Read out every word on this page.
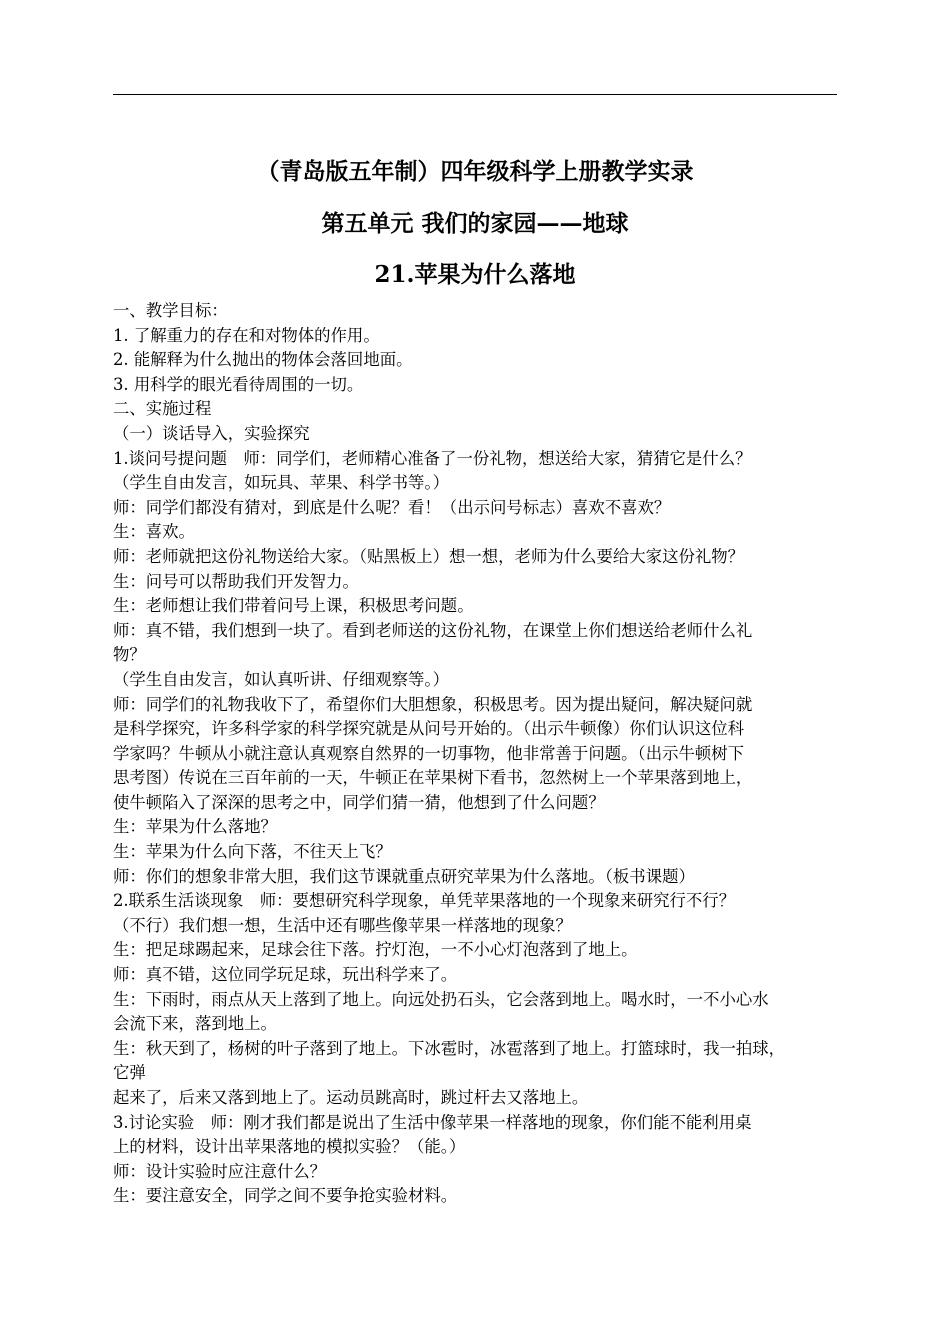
（青岛版五年制）四年级科学上册教学实录
第五单元 我们的家园——地球
21.苹果为什么落地

一、教学目标：

1. 了解重力的存在和对物体的作用。

2. 能解释为什么抛出的物体会落回地面。

3. 用科学的眼光看待周围的一切。

二、实施过程

（一）谈话导入，实验探究

1.谈问号提问题　师：同学们，老师精心准备了一份礼物，想送给大家，猜猜它是什么？

（学生自由发言，如玩具、苹果、科学书等。）

师：同学们都没有猜对，到底是什么呢？看！（出示问号标志）喜欢不喜欢？

生：喜欢。

师：老师就把这份礼物送给大家。（贴黑板上）想一想，老师为什么要给大家这份礼物？

生：问号可以帮助我们开发智力。

生：老师想让我们带着问号上课，积极思考问题。

师：真不错，我们想到一块了。看到老师送的这份礼物，在课堂上你们想送给老师什么礼

物？

（学生自由发言，如认真听讲、仔细观察等。）

师：同学们的礼物我收下了，希望你们大胆想象，积极思考。因为提出疑问，解决疑问就

是科学探究，许多科学家的科学探究就是从问号开始的。（出示牛顿像）你们认识这位科

学家吗？牛顿从小就注意认真观察自然界的一切事物，他非常善于问题。（出示牛顿树下

思考图）传说在三百年前的一天，牛顿正在苹果树下看书，忽然树上一个苹果落到地上，

使牛顿陷入了深深的思考之中，同学们猜一猜，他想到了什么问题？

生：苹果为什么落地？

生：苹果为什么向下落，不往天上飞？

师：你们的想象非常大胆，我们这节课就重点研究苹果为什么落地。（板书课题）

2.联系生活谈现象　师：要想研究科学现象，单凭苹果落地的一个现象来研究行不行？

（不行）我们想一想，生活中还有哪些像苹果一样落地的现象？

生：把足球踢起来，足球会往下落。拧灯泡，一不小心灯泡落到了地上。

师：真不错，这位同学玩足球，玩出科学来了。

生：下雨时，雨点从天上落到了地上。向远处扔石头，它会落到地上。喝水时，一不小心水

会流下来，落到地上。

生：秋天到了，杨树的叶子落到了地上。下冰雹时，冰雹落到了地上。打篮球时，我一拍球，

它弹

起来了，后来又落到地上了。运动员跳高时，跳过杆去又落地上。

3.讨论实验　师：刚才我们都是说出了生活中像苹果一样落地的现象，你们能不能利用桌

上的材料，设计出苹果落地的模拟实验？（能。）

师：设计实验时应注意什么？

生：要注意安全，同学之间不要争抢实验材料。
